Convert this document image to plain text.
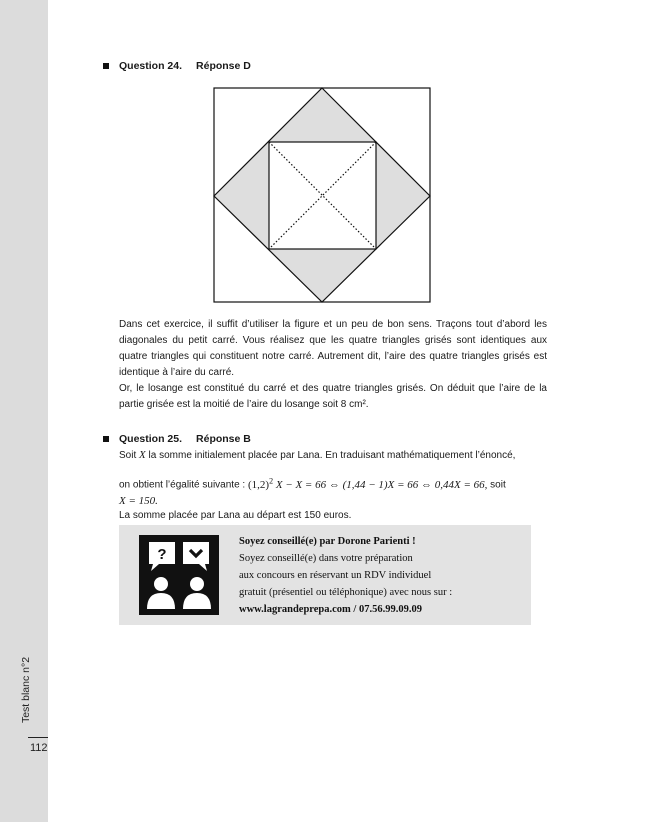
Test blanc n°2
112
Question 24. Réponse D

Dans cet exercice, il suffit d’utiliser la figure et un peu de bon sens. Traçons tout d’abord les diagonales du petit carré. Vous réalisez que les quatre triangles grisés sont identiques aux quatre triangles qui constituent notre carré. Autrement dit, l’aire des quatre triangles grisés est identique à l’aire du carré.

Or, le losange est constitué du carré et des quatre triangles grisés. On déduit que l’aire de la partie grisée est la moitié de l’aire du losange soit 8 cm².

Question 25. Réponse B

Soit X la somme initialement placée par Lana. En traduisant mathématiquement l’énoncé,

on obtient l’égalité suivante : $(1,2)^2$ X − X = 66 ⇔ (1,44 − 1)X = 66 ⇔ 0,44X = 66, soit

X = 150.

La somme placée par Lana au départ est 150 euros.

?
Soyez conseillé(e) par Dorone Parienti !
Soyez conseillé(e) dans votre préparation
aux concours en réservant un RDV individuel
gratuit (présentiel ou téléphonique) avec nous sur :
www.lagrandeprepa.com / 07.56.99.09.09
